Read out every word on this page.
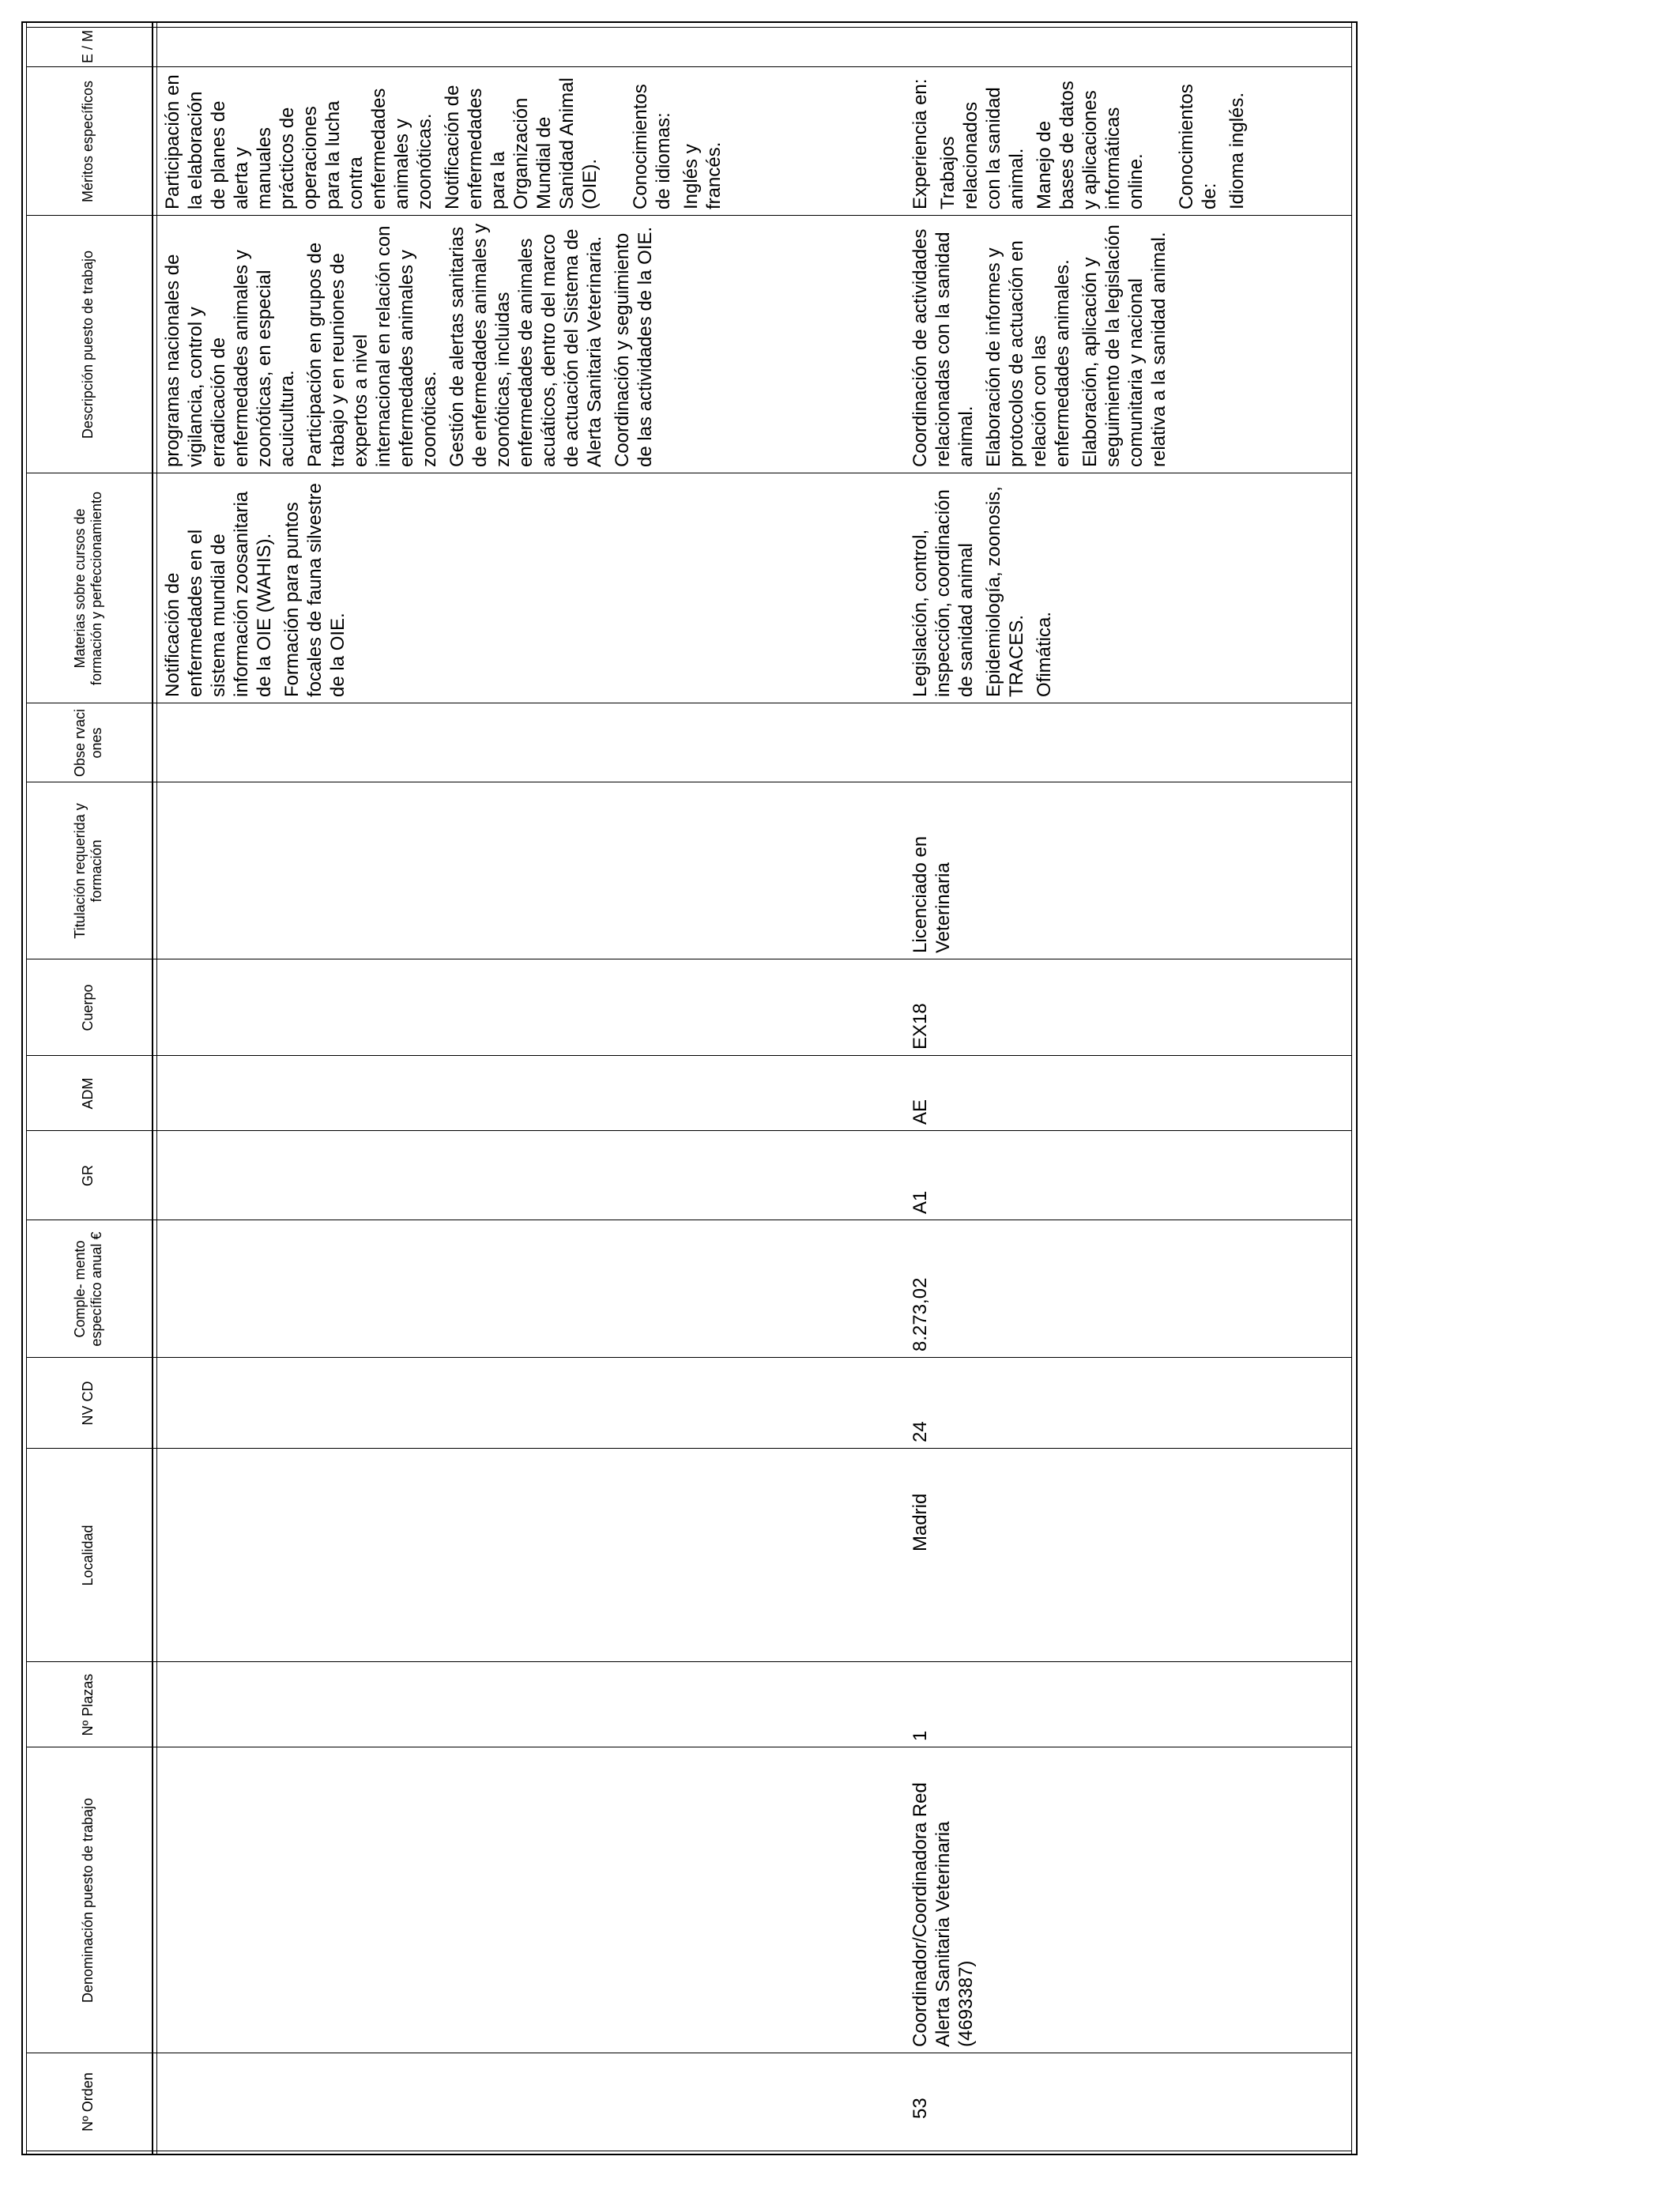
Nº Orden
Denominación puesto de trabajo
Nº Plazas
Localidad
NV CD
Comple- mento específico anual €
GR
ADM
Cuerpo
Titulación requerida y formación
Obse rvaci ones
Materias sobre cursos de formación y perfeccionamiento
Descripción puesto de trabajo
Méritos específicos
E / M
Notificación de enfermedades en el sistema mundial de información zoosanitaria de la OIE (WAHIS). Formación para puntos focales de fauna silvestre de la OIE.
programas nacionales de vigilancia, control y erradicación de enfermedades animales y zoonóticas, en especial acuicultura. Participación en grupos de trabajo y en reuniones de expertos a nivel internacional en relación con enfermedades animales y zoonóticas. Gestión de alertas sanitarias de enfermedades animales y zoonóticas, incluidas enfermedades de animales acuáticos, dentro del marco de actuación del Sistema de Alerta Sanitaria Veterinaria. Coordinación y seguimiento de las actividades de la OIE.
Participación en la elaboración de planes de alerta y manuales prácticos de operaciones para la lucha contra enfermedades animales y zoonóticas. Notificación de enfermedades para la Organización Mundial de Sanidad Animal (OIE). Conocimientos de idiomas: Inglés y francés.
53
Coordinador/Coordinadora Red Alerta Sanitaria Veterinaria (4693387)
1
Madrid
24
8.273,02
A1
AE
EX18
Licenciado en Veterinaria
Legislación, control, inspección, coordinación de sanidad animal Epidemiología, zoonosis, TRACES. Ofimática.
Coordinación de actividades relacionadas con la sanidad animal. Elaboración de informes y protocolos de actuación en relación con las enfermedades animales. Elaboración, aplicación y seguimiento de la legislación comunitaria y nacional relativa a la sanidad animal.
Experiencia en: Trabajos relacionados con la sanidad animal. Manejo de bases de datos y aplicaciones informáticas online. Conocimientos de: Idioma inglés.
